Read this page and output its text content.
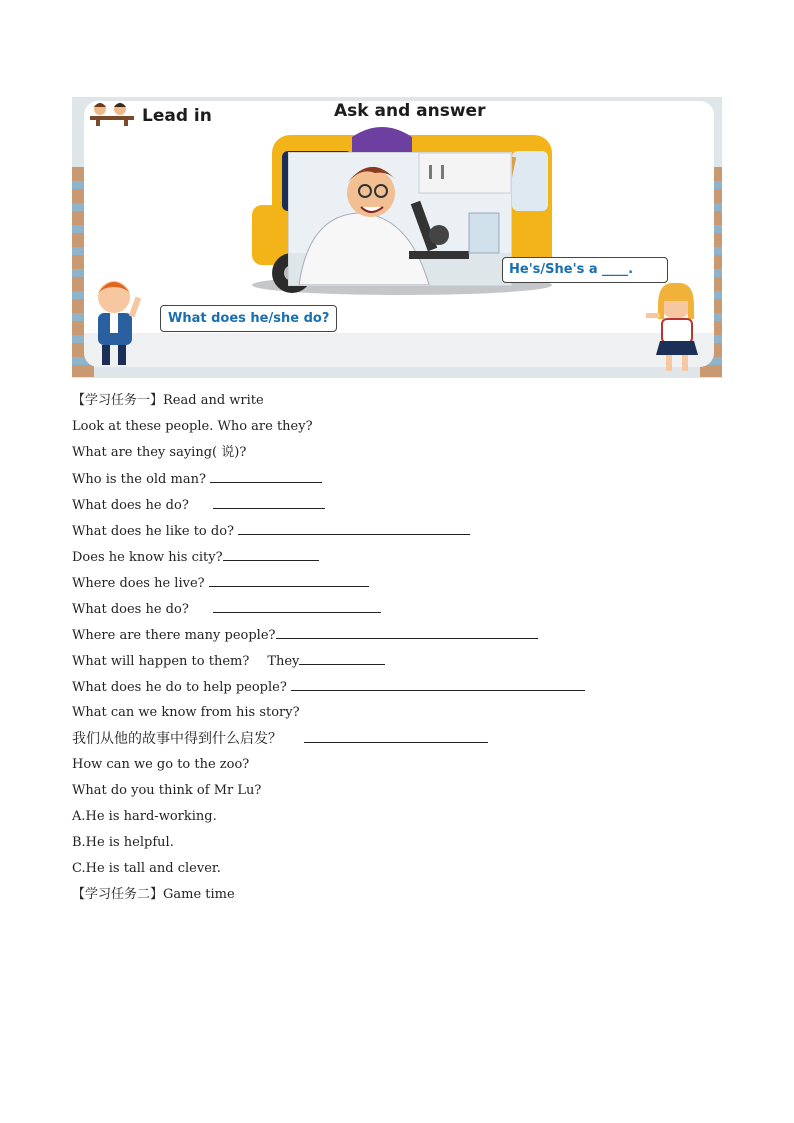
Lead in	Ask and answer
He's/She's a ____.
What does he/she do?
【学习任务一】Read and write
Look at these people. Who are they?
What are they saying( 说)?
Who is the old man?
What does he do?
What does he like to do?
Does he know his city?
Where does he live?
What does he do?
Where are there many people?
What will happen to them? They
What does he do to help people?
What can we know from his story?
我们从他的故事中得到什么启发？
How can we go to the zoo?
What do you think of Mr Lu?
A.He is hard-working.
B.He is helpful.
C.He is tall and clever.
【学习任务二】Game time
